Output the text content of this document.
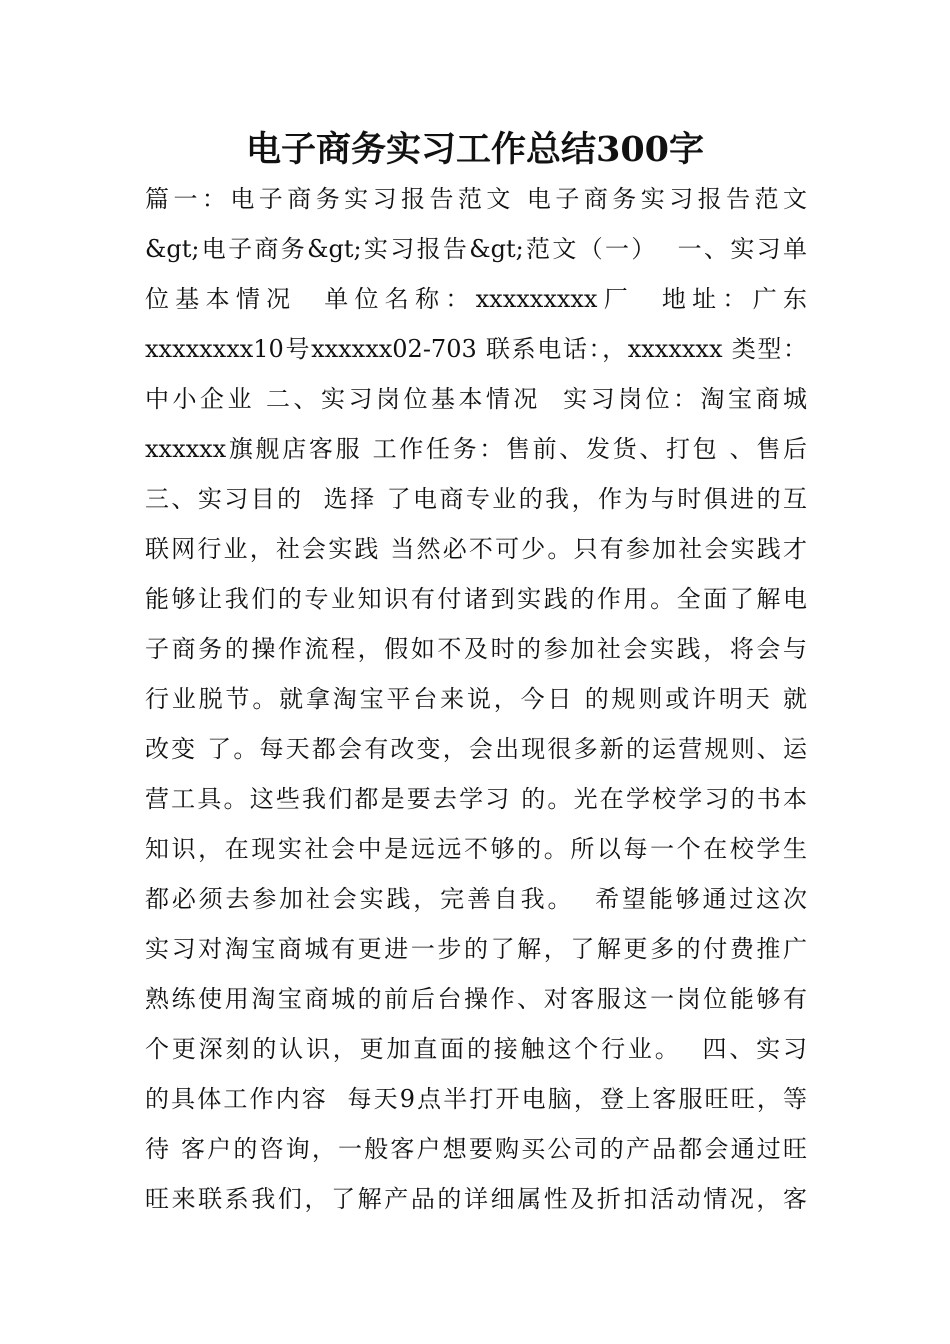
电子商务实习工作总结300字
篇一：电子商务实习报告范文 电子商务实习报告范文
&gt;电子商务&gt;实习报告&gt;范文（一）  一、实习单
位基本情况  单位名称：xxxxxxxxx厂  地址：广东
xxxxxxxx10号xxxxxx02-703 联系电话：，xxxxxxx 类型：
中小企业 二、实习岗位基本情况  实习岗位：淘宝商城
xxxxxx旗舰店客服 工作任务：售前、发货、打包 、售后
三、实习目的  选择 了电商专业的我，作为与时俱进的互
联网行业，社会实践 当然必不可少。只有参加社会实践才
能够让我们的专业知识有付诸到实践的作用。全面了解电
子商务的操作流程，假如不及时的参加社会实践，将会与
行业脱节。就拿淘宝平台来说，今日 的规则或许明天 就
改变 了。每天都会有改变，会出现很多新的运营规则、运
营工具。这些我们都是要去学习 的。光在学校学习的书本
知识，在现实社会中是远远不够的。所以每一个在校学生
都必须去参加社会实践，完善自我。  希望能够通过这次
实习对淘宝商城有更进一步的了解，了解更多的付费推广
熟练使用淘宝商城的前后台操作、对客服这一岗位能够有
个更深刻的认识，更加直面的接触这个行业。  四、实习
的具体工作内容  每天9点半打开电脑，登上客服旺旺，等
待 客户的咨询，一般客户想要购买公司的产品都会通过旺
旺来联系我们，了解产品的详细属性及折扣活动情况，客
